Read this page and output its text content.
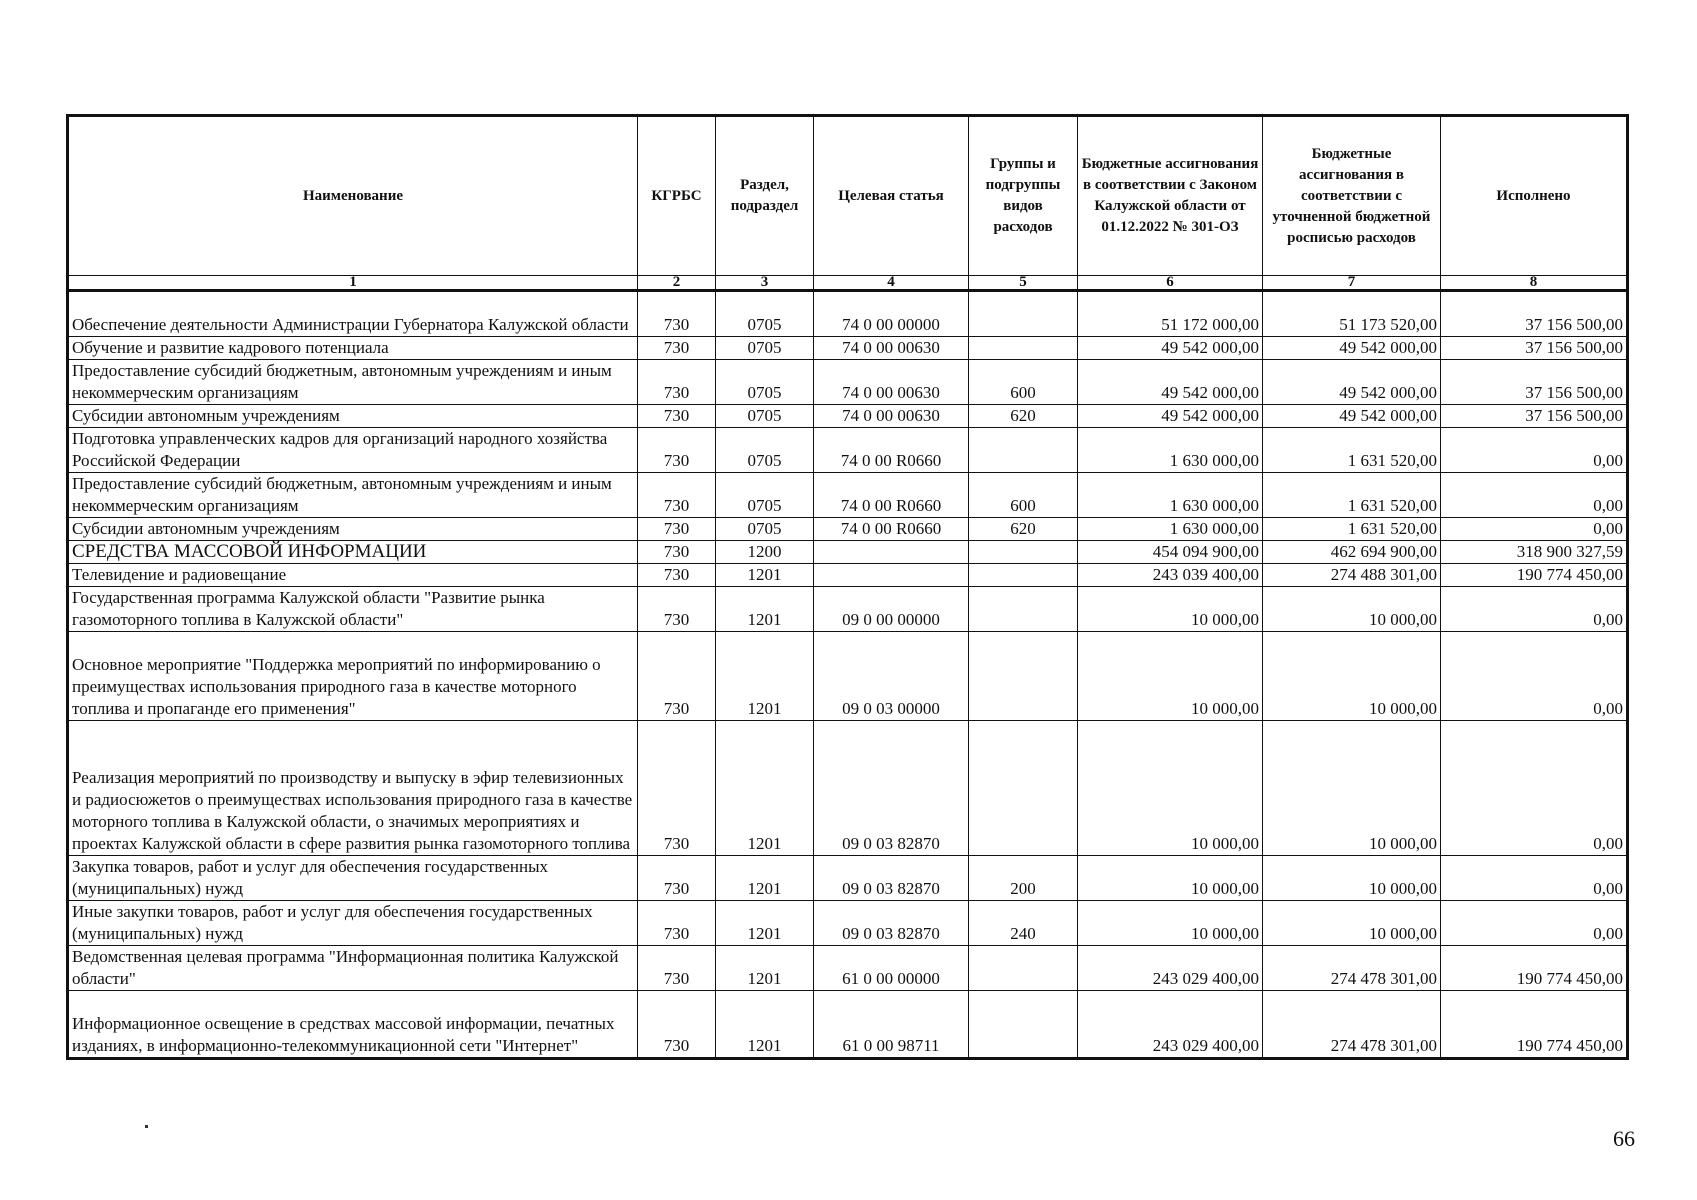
Наименование	КГРБС	Раздел, подраздел	Целевая статья	Группы и подгруппы видов расходов	Бюджетные ассигнования в соответствии с Законом Калужской области от 01.12.2022 № 301-ОЗ	Бюджетные ассигнования в соответствии с уточненной бюджетной росписью расходов	Исполнено
1	2	3	4	5	6	7	8
Обеспечение деятельности Администрации Губернатора Калужской области	730	0705	74 0 00 00000		51 172 000,00	51 173 520,00	37 156 500,00
Обучение и развитие кадрового потенциала	730	0705	74 0 00 00630		49 542 000,00	49 542 000,00	37 156 500,00
Предоставление субсидий бюджетным, автономным учреждениям и иным некоммерческим организациям	730	0705	74 0 00 00630	600	49 542 000,00	49 542 000,00	37 156 500,00
Субсидии автономным учреждениям	730	0705	74 0 00 00630	620	49 542 000,00	49 542 000,00	37 156 500,00
Подготовка управленческих кадров для организаций народного хозяйства Российской Федерации	730	0705	74 0 00 R0660		1 630 000,00	1 631 520,00	0,00
Предоставление субсидий бюджетным, автономным учреждениям и иным некоммерческим организациям	730	0705	74 0 00 R0660	600	1 630 000,00	1 631 520,00	0,00
Субсидии автономным учреждениям	730	0705	74 0 00 R0660	620	1 630 000,00	1 631 520,00	0,00
СРЕДСТВА МАССОВОЙ ИНФОРМАЦИИ	730	1200			454 094 900,00	462 694 900,00	318 900 327,59
Телевидение и радиовещание	730	1201			243 039 400,00	274 488 301,00	190 774 450,00
Государственная программа Калужской области "Развитие рынка газомоторного топлива в Калужской области"	730	1201	09 0 00 00000		10 000,00	10 000,00	0,00
Основное мероприятие "Поддержка мероприятий по информированию о преимуществах использования природного газа в качестве моторного топлива и пропаганде его применения"	730	1201	09 0 03 00000		10 000,00	10 000,00	0,00
Реализация мероприятий по производству и выпуску в эфир телевизионных и радиосюжетов о преимуществах использования природного газа в качестве моторного топлива в Калужской области, о значимых мероприятиях и проектах Калужской области в сфере развития рынка газомоторного топлива	730	1201	09 0 03 82870		10 000,00	10 000,00	0,00
Закупка товаров, работ и услуг для обеспечения государственных (муниципальных) нужд	730	1201	09 0 03 82870	200	10 000,00	10 000,00	0,00
Иные закупки товаров, работ и услуг для обеспечения государственных (муниципальных) нужд	730	1201	09 0 03 82870	240	10 000,00	10 000,00	0,00
Ведомственная целевая программа "Информационная политика Калужской области"	730	1201	61 0 00 00000		243 029 400,00	274 478 301,00	190 774 450,00
Информационное освещение в средствах массовой информации, печатных изданиях, в информационно-телекоммуникационной сети "Интернет"	730	1201	61 0 00 98711		243 029 400,00	274 478 301,00	190 774 450,00
66
